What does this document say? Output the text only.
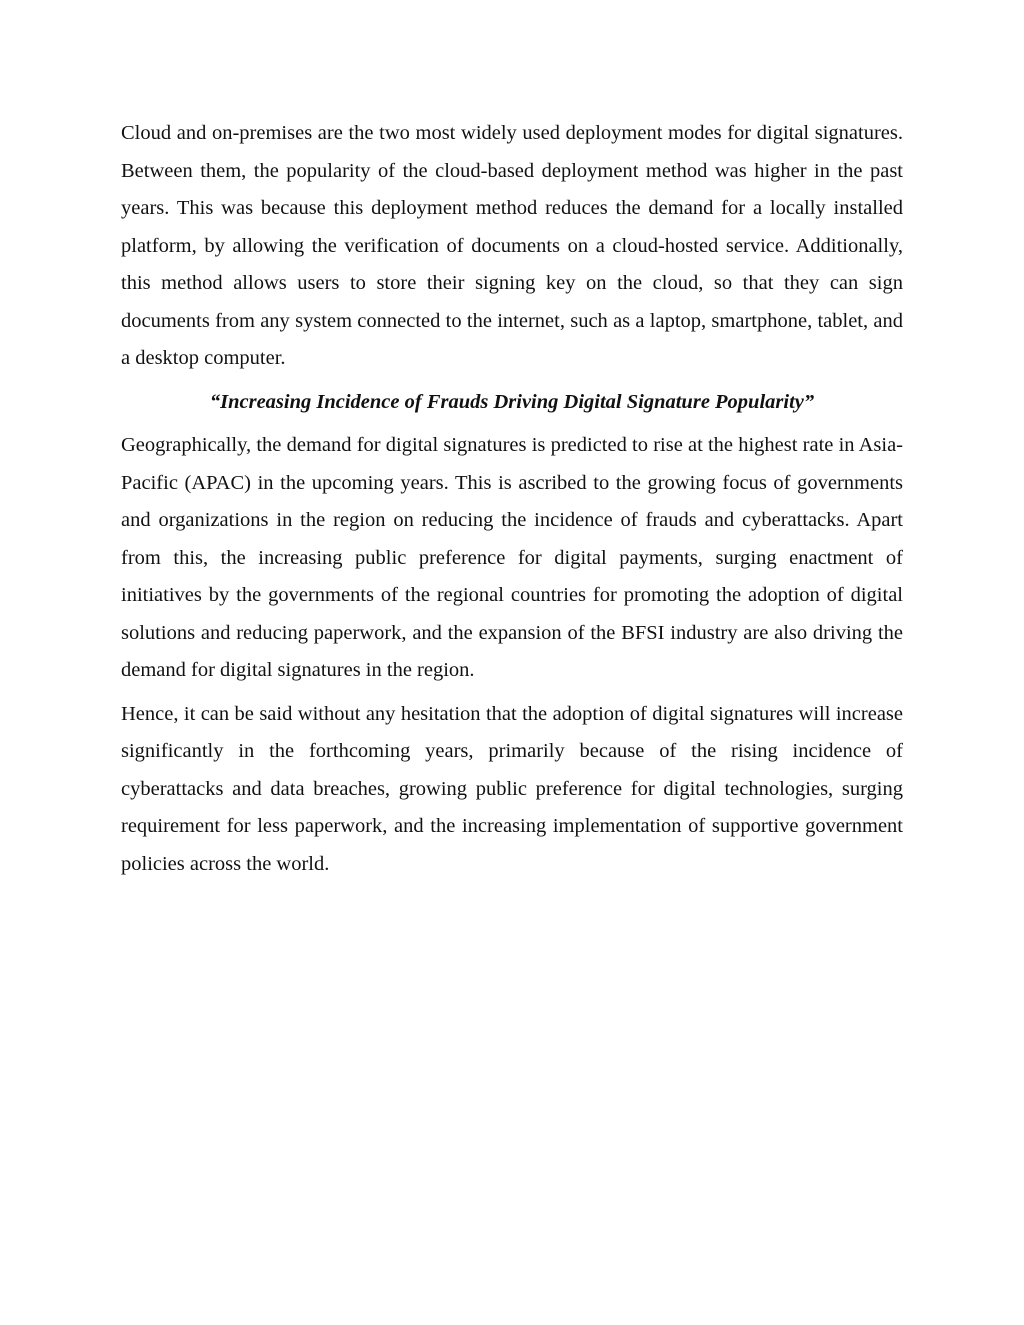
Cloud and on-premises are the two most widely used deployment modes for digital signatures. Between them, the popularity of the cloud-based deployment method was higher in the past years. This was because this deployment method reduces the demand for a locally installed platform, by allowing the verification of documents on a cloud-hosted service. Additionally, this method allows users to store their signing key on the cloud, so that they can sign documents from any system connected to the internet, such as a laptop, smartphone, tablet, and a desktop computer.

“Increasing Incidence of Frauds Driving Digital Signature Popularity”

Geographically, the demand for digital signatures is predicted to rise at the highest rate in Asia-Pacific (APAC) in the upcoming years. This is ascribed to the growing focus of governments and organizations in the region on reducing the incidence of frauds and cyberattacks. Apart from this, the increasing public preference for digital payments, surging enactment of initiatives by the governments of the regional countries for promoting the adoption of digital solutions and reducing paperwork, and the expansion of the BFSI industry are also driving the demand for digital signatures in the region.

Hence, it can be said without any hesitation that the adoption of digital signatures will increase significantly in the forthcoming years, primarily because of the rising incidence of cyberattacks and data breaches, growing public preference for digital technologies, surging requirement for less paperwork, and the increasing implementation of supportive government policies across the world.
